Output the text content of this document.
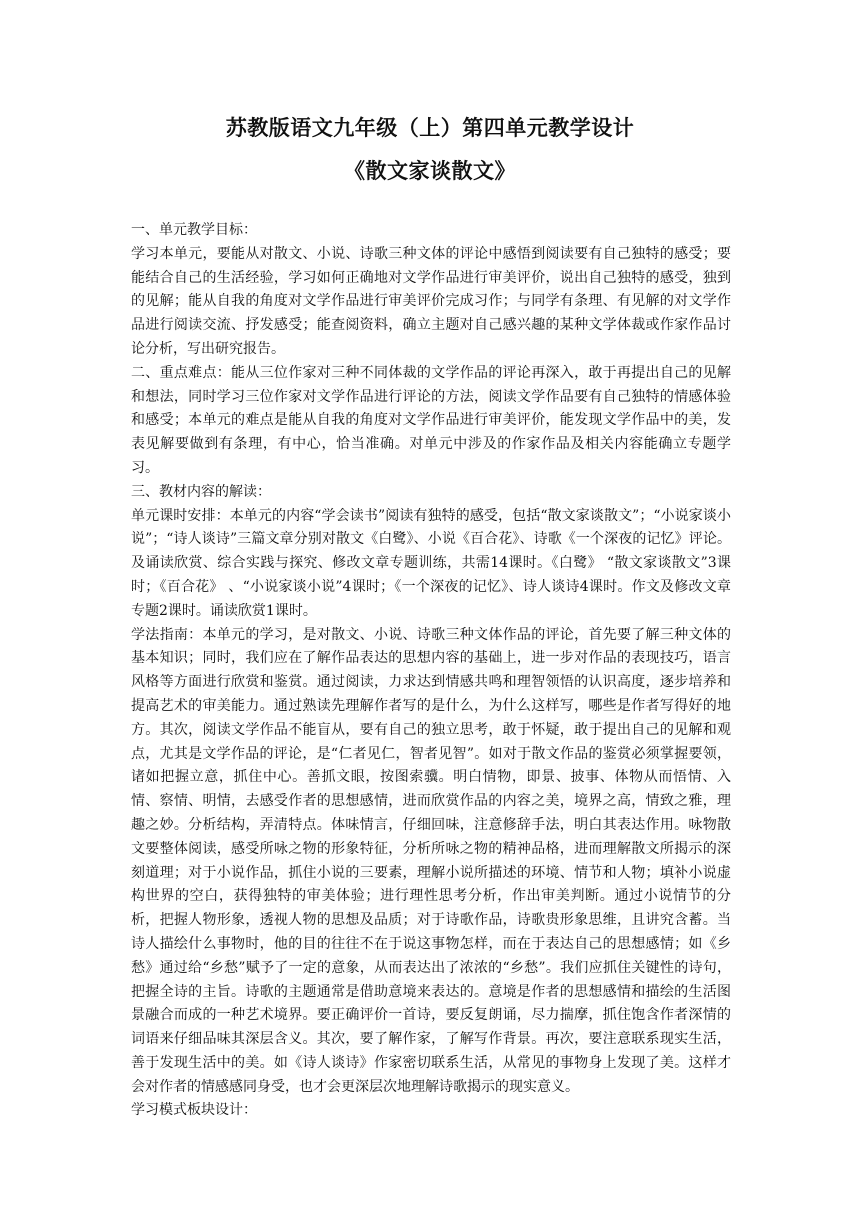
苏教版语文九年级（上）第四单元教学设计
《散文家谈散文》

一、单元教学目标：

学习本单元，要能从对散文、小说、诗歌三种文体的评论中感悟到阅读要有自己独特的感受；要能结合自己的生活经验，学习如何正确地对文学作品进行审美评价，说出自己独特的感受，独到的见解；能从自我的角度对文学作品进行审美评价完成习作；与同学有条理、有见解的对文学作品进行阅读交流、抒发感受；能查阅资料，确立主题对自己感兴趣的某种文学体裁或作家作品讨论分析，写出研究报告。

二、重点难点：能从三位作家对三种不同体裁的文学作品的评论再深入，敢于再提出自己的见解和想法，同时学习三位作家对文学作品进行评论的方法，阅读文学作品要有自己独特的情感体验和感受；本单元的难点是能从自我的角度对文学作品进行审美评价，能发现文学作品中的美，发表见解要做到有条理，有中心，恰当准确。对单元中涉及的作家作品及相关内容能确立专题学习。

三、教材内容的解读：

单元课时安排：本单元的内容“学会读书”阅读有独特的感受，包括“散文家谈散文”；“小说家谈小说”；“诗人谈诗”三篇文章分别对散文《白鹭》、小说《百合花》、诗歌《一个深夜的记忆》评论。及诵读欣赏、综合实践与探究、修改文章专题训练，共需14课时。《白鹭》 “散文家谈散文”3课时；《百合花》 、“小说家谈小说”4课时；《一个深夜的记忆》、诗人谈诗4课时。作文及修改文章专题2课时。诵读欣赏1课时。

学法指南：本单元的学习，是对散文、小说、诗歌三种文体作品的评论，首先要了解三种文体的基本知识；同时，我们应在了解作品表达的思想内容的基础上，进一步对作品的表现技巧，语言风格等方面进行欣赏和鉴赏。通过阅读，力求达到情感共鸣和理智领悟的认识高度，逐步培养和提高艺术的审美能力。通过熟读先理解作者写的是什么，为什么这样写，哪些是作者写得好的地方。其次，阅读文学作品不能盲从，要有自己的独立思考，敢于怀疑，敢于提出自己的见解和观点，尤其是文学作品的评论，是“仁者见仁，智者见智”。如对于散文作品的鉴赏必须掌握要领，诸如把握立意，抓住中心。善抓文眼，按图索骥。明白情物，即景、披事、体物从而悟情、入情、察情、明情，去感受作者的思想感情，进而欣赏作品的内容之美，境界之高，情致之雅，理趣之妙。分析结构，弄清特点。体味情言，仔细回味，注意修辞手法，明白其表达作用。咏物散文要整体阅读，感受所咏之物的形象特征，分析所咏之物的精神品格，进而理解散文所揭示的深刻道理；对于小说作品，抓住小说的三要素，理解小说所描述的环境、情节和人物；填补小说虚构世界的空白，获得独特的审美体验；进行理性思考分析，作出审美判断。通过小说情节的分析，把握人物形象，透视人物的思想及品质；对于诗歌作品，诗歌贵形象思维，且讲究含蓄。当诗人描绘什么事物时，他的目的往往不在于说这事物怎样，而在于表达自己的思想感情；如《乡愁》通过给“乡愁”赋予了一定的意象，从而表达出了浓浓的“乡愁”。我们应抓住关键性的诗句，把握全诗的主旨。诗歌的主题通常是借助意境来表达的。意境是作者的思想感情和描绘的生活图景融合而成的一种艺术境界。要正确评价一首诗，要反复朗诵，尽力揣摩，抓住饱含作者深情的词语来仔细品味其深层含义。其次，要了解作家，了解写作背景。再次，要注意联系现实生活，善于发现生活中的美。如《诗人谈诗》作家密切联系生活，从常见的事物身上发现了美。这样才会对作者的情感感同身受，也才会更深层次地理解诗歌揭示的现实意义。

学习模式板块设计：
